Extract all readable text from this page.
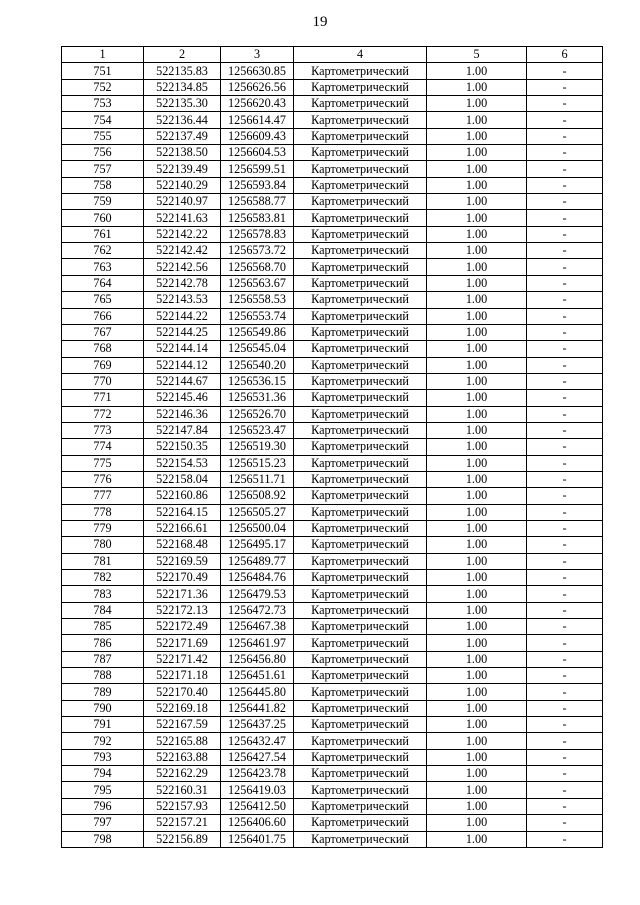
19
1	2	3	4	5	6
751	522135.83	1256630.85	Картометрический	1.00	-
752	522134.85	1256626.56	Картометрический	1.00	-
753	522135.30	1256620.43	Картометрический	1.00	-
754	522136.44	1256614.47	Картометрический	1.00	-
755	522137.49	1256609.43	Картометрический	1.00	-
756	522138.50	1256604.53	Картометрический	1.00	-
757	522139.49	1256599.51	Картометрический	1.00	-
758	522140.29	1256593.84	Картометрический	1.00	-
759	522140.97	1256588.77	Картометрический	1.00	-
760	522141.63	1256583.81	Картометрический	1.00	-
761	522142.22	1256578.83	Картометрический	1.00	-
762	522142.42	1256573.72	Картометрический	1.00	-
763	522142.56	1256568.70	Картометрический	1.00	-
764	522142.78	1256563.67	Картометрический	1.00	-
765	522143.53	1256558.53	Картометрический	1.00	-
766	522144.22	1256553.74	Картометрический	1.00	-
767	522144.25	1256549.86	Картометрический	1.00	-
768	522144.14	1256545.04	Картометрический	1.00	-
769	522144.12	1256540.20	Картометрический	1.00	-
770	522144.67	1256536.15	Картометрический	1.00	-
771	522145.46	1256531.36	Картометрический	1.00	-
772	522146.36	1256526.70	Картометрический	1.00	-
773	522147.84	1256523.47	Картометрический	1.00	-
774	522150.35	1256519.30	Картометрический	1.00	-
775	522154.53	1256515.23	Картометрический	1.00	-
776	522158.04	1256511.71	Картометрический	1.00	-
777	522160.86	1256508.92	Картометрический	1.00	-
778	522164.15	1256505.27	Картометрический	1.00	-
779	522166.61	1256500.04	Картометрический	1.00	-
780	522168.48	1256495.17	Картометрический	1.00	-
781	522169.59	1256489.77	Картометрический	1.00	-
782	522170.49	1256484.76	Картометрический	1.00	-
783	522171.36	1256479.53	Картометрический	1.00	-
784	522172.13	1256472.73	Картометрический	1.00	-
785	522172.49	1256467.38	Картометрический	1.00	-
786	522171.69	1256461.97	Картометрический	1.00	-
787	522171.42	1256456.80	Картометрический	1.00	-
788	522171.18	1256451.61	Картометрический	1.00	-
789	522170.40	1256445.80	Картометрический	1.00	-
790	522169.18	1256441.82	Картометрический	1.00	-
791	522167.59	1256437.25	Картометрический	1.00	-
792	522165.88	1256432.47	Картометрический	1.00	-
793	522163.88	1256427.54	Картометрический	1.00	-
794	522162.29	1256423.78	Картометрический	1.00	-
795	522160.31	1256419.03	Картометрический	1.00	-
796	522157.93	1256412.50	Картометрический	1.00	-
797	522157.21	1256406.60	Картометрический	1.00	-
798	522156.89	1256401.75	Картометрический	1.00	-
